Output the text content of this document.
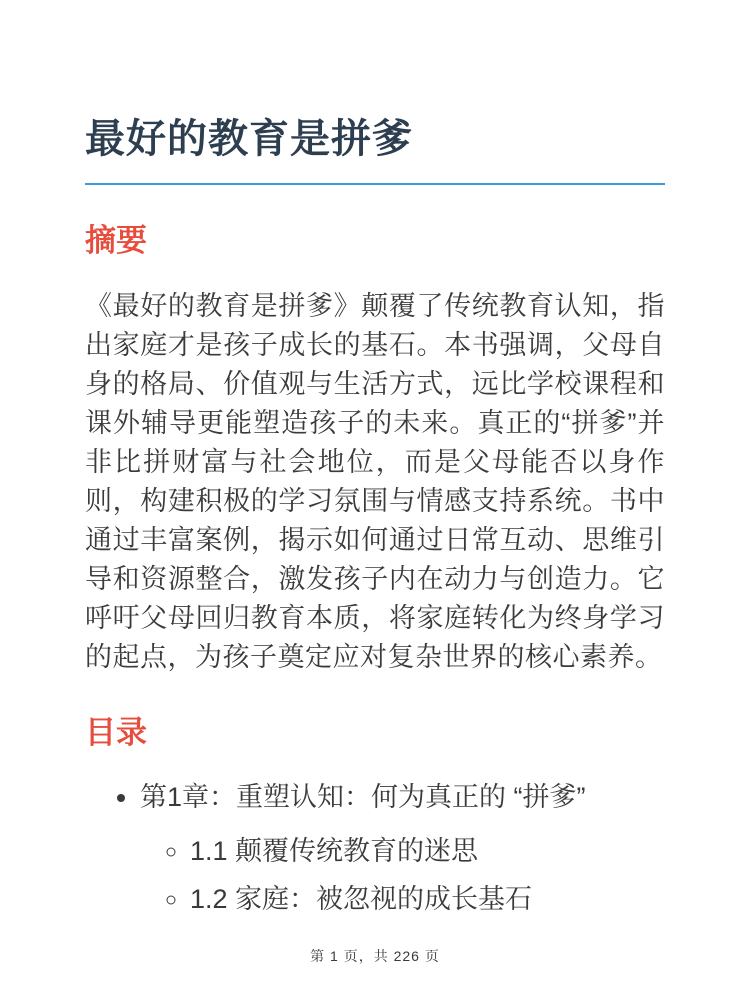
最好的教育是拼爹
摘要

《最好的教育是拼爹》颠覆了传统教育认知，指出家庭才是孩子成长的基石。本书强调，父母自身的格局、价值观与生活方式，远比学校课程和课外辅导更能塑造孩子的未来。真正的“拼爹”并非比拼财富与社会地位，而是父母能否以身作则，构建积极的学习氛围与情感支持系统。书中通过丰富案例，揭示如何通过日常互动、思维引导和资源整合，激发孩子内在动力与创造力。它呼吁父母回归教育本质，将家庭转化为终身学习的起点，为孩子奠定应对复杂世界的核心素养。

目录
• 第1章：重塑认知：何为真正的 “拼爹”
◦ 1.1 颠覆传统教育的迷思
◦ 1.2 家庭：被忽视的成长基石
第 1 页，共 226 页
